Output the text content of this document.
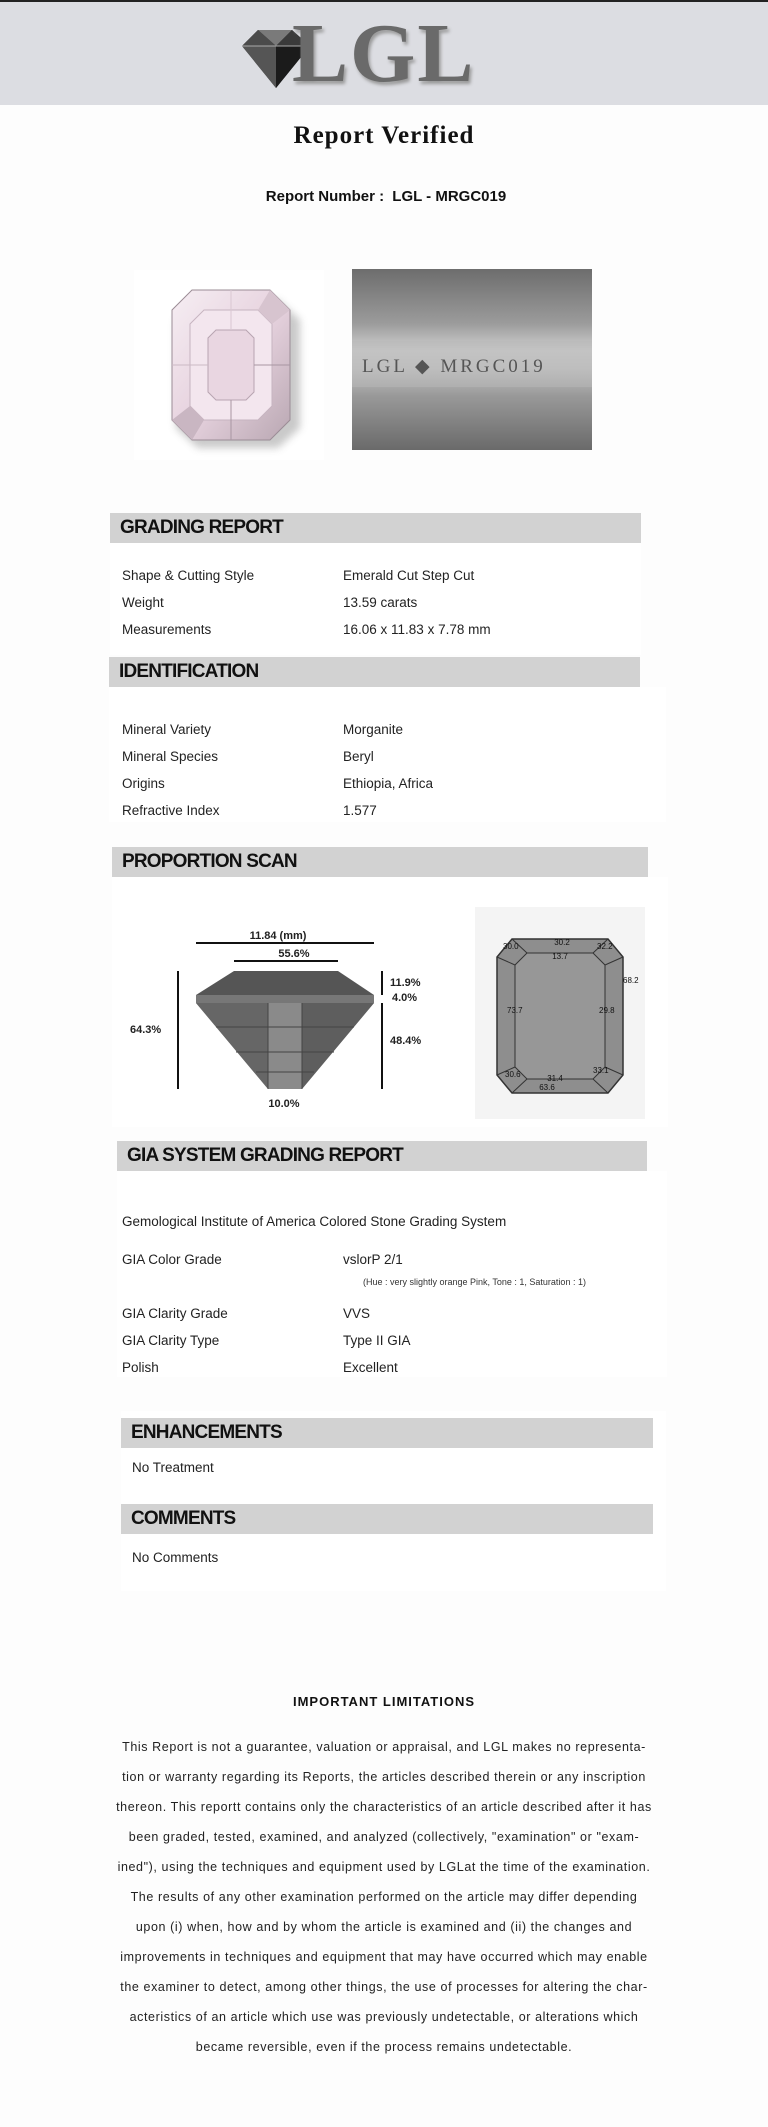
LGL
Report Verified
Report Number : LGL - MRGC019
LGL ◆ MRGC019
GRADING REPORT
Shape & Cutting Style	Emerald Cut Step Cut
Weight	13.59 carats
Measurements	16.06 x 11.83 x 7.78 mm
IDENTIFICATION
Mineral Variety	Morganite
Mineral Species	Beryl
Origins	Ethiopia, Africa
Refractive Index	1.577
PROPORTION SCAN
11.84 (mm)
55.6%
64.3%
11.9%
4.0%
48.4%
10.0%
30.2
30.0	32.2
13.7
68.2
73.7	29.8
30.6	31.4
33.1
63.6
GIA SYSTEM GRADING REPORT
Gemological Institute of America Colored Stone Grading System
GIA Color Grade	vslorP 2/1
(Hue : very slightly orange Pink, Tone : 1, Saturation : 1)
GIA Clarity Grade	VVS
GIA Clarity Type	Type II GIA
Polish	Excellent
ENHANCEMENTS
No Treatment
COMMENTS
No Comments
IMPORTANT LIMITATIONS
This Report is not a guarantee, valuation or appraisal, and LGL makes no representa-
tion or warranty regarding its Reports, the articles described therein or any inscription
thereon. This reportt contains only the characteristics of an article described after it has
been graded, tested, examined, and analyzed (collectively, "examination" or "exam-
ined"), using the techniques and equipment used by LGLat the time of the examination.
The results of any other examination performed on the article may differ depending
upon (i) when, how and by whom the article is examined and (ii) the changes and
improvements in techniques and equipment that may have occurred which may enable
the examiner to detect, among other things, the use of processes for altering the char-
acteristics of an article which use was previously undetectable, or alterations which
became reversible, even if the process remains undetectable.
